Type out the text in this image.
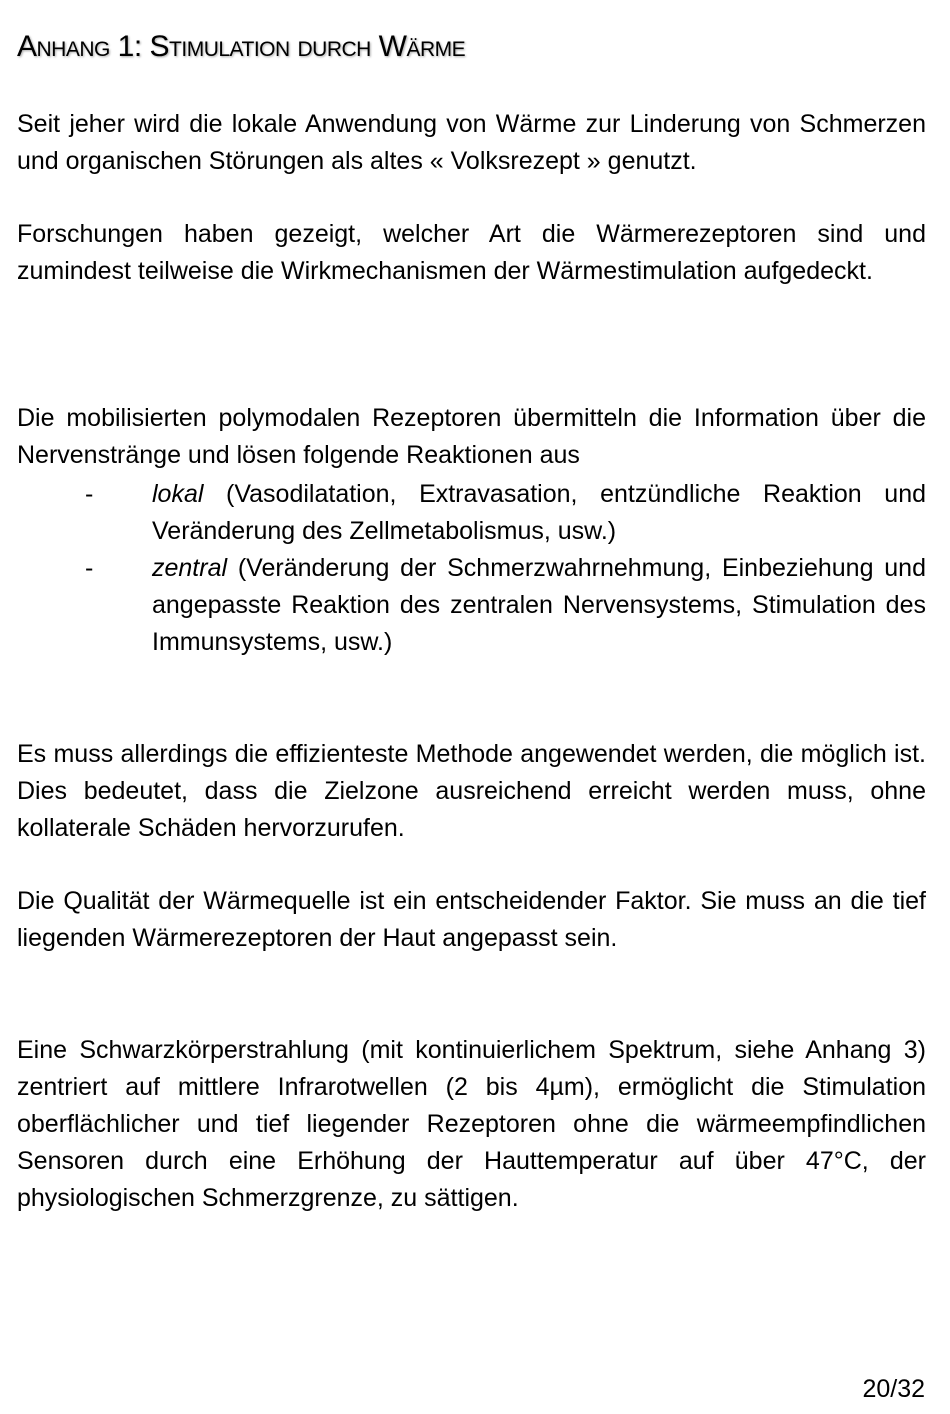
Anhang 1: Stimulation durch Wärme

Seit jeher wird die lokale Anwendung von Wärme zur Linderung von Schmerzen und organischen Störungen als altes « Volksrezept » genutzt.

Forschungen haben gezeigt, welcher Art die Wärmerezeptoren sind und zumindest teilweise die Wirkmechanismen der Wärmestimulation aufgedeckt.

Die mobilisierten polymodalen Rezeptoren übermitteln die Information über die Nervenstränge und lösen folgende Reaktionen aus

- lokal (Vasodilatation, Extravasation, entzündliche Reaktion und Veränderung des Zellmetabolismus, usw.)
- zentral (Veränderung der Schmerzwahrnehmung, Einbeziehung und angepasste Reaktion des zentralen Nervensystems, Stimulation des Immunsystems, usw.)

Es muss allerdings die effizienteste Methode angewendet werden, die möglich ist. Dies bedeutet, dass die Zielzone ausreichend erreicht werden muss, ohne kollaterale Schäden hervorzurufen.

Die Qualität der Wärmequelle ist ein entscheidender Faktor. Sie muss an die tief liegenden Wärmerezeptoren der Haut angepasst sein.

Eine Schwarzkörperstrahlung (mit kontinuierlichem Spektrum, siehe Anhang 3) zentriert auf mittlere Infrarotwellen (2 bis 4µm), ermöglicht die Stimulation oberflächlicher und tief liegender Rezeptoren ohne die wärmeempfindlichen Sensoren durch eine Erhöhung der Hauttemperatur auf über 47°C, der physiologischen Schmerzgrenze, zu sättigen.

20/32
